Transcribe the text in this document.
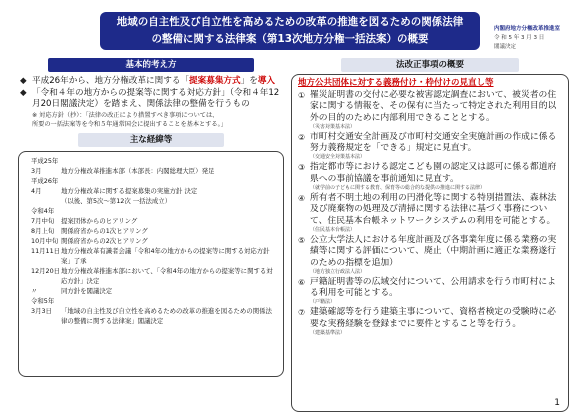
地域の自主性及び自立性を高めるための改革の推進を図るための関係法律
の整備に関する法律案（第13次地方分権一括法案）の概要
内閣府地方分権改革推進室
令 和 5 年 3 月 3 日
閣議決定
基本的考え方
◆ 平成26年から、地方分権改革に関する「提案募集方式」を導入
◆ 「令和４年の地方からの提案等に関する対応方針」（令和４年12月20日閣議決定）を踏まえ、関係法律の整備を行うもの
※ 対応方針（抄）：「法律の改正により措置すべき事項については、
所要の一括法案等を令和５年通常国会に提出することを基本とする。」
主な経緯等
平成25年
3月	地方分権改革推進本部（本部長：内閣総理大臣）発足
平成26年
4月	地方分権改革に関する提案募集の実施方針 決定
（以後、第5次～第12次 一括法成立）
令和4年
7月中旬 提案団体からのヒアリング
8月上旬 関係府省からの1次ヒアリング
10月中旬 関係府省からの2次ヒアリング
11月11日 地方分権改革有識者会議「令和4年の地方からの提案等に関する対応方針案」了承
12月20日 地方分権改革推進本部において、「令和4年の地方からの提案等に関する対応方針」決定
〃	同方針を閣議決定
令和5年
3月3日 「地域の自主性及び自立性を高めるための改革の推進を図るための関係法律の整備に関する法律案」閣議決定
法改正事項の概要
地方公共団体に対する義務付け・枠付けの見直し等
① 罹災証明書の交付に必要な被害認定調査において、被災者の住家に関する情報を、その保有に当たって特定された利用目的以外の目的のために内部利用できることとする。
（災害対策基本法）
② 市町村交通安全計画及び市町村交通安全実施計画の作成に係る努力義務規定を「できる」規定に見直す。
（交通安全対策基本法）
③ 指定都市等における認定こども園の認定又は認可に係る都道府県への事前協議を事前通知に見直す。
（就学前の子どもに関する教育、保育等の総合的な提供の推進に関する法律）
④ 所有者不明土地の利用の円滑化等に関する特別措置法、森林法及び廃棄物の処理及び清掃に関する法律に基づく事務について、住民基本台帳ネットワークシステムの利用を可能とする。
（住民基本台帳法）
⑤ 公立大学法人における年度計画及び各事業年度に係る業務の実績等に関する評価について、廃止（中期計画に適正な業務遂行のための指標を追加）
（地方独立行政法人法）
⑥ 戸籍証明書等の広域交付について、公用請求を行う市町村による利用を可能とする。
（戸籍法）
⑦ 建築確認等を行う建築主事について、資格者検定の受験時に必要な実務経験を登録までに要件とすること等を行う。
（建築基準法）
1
